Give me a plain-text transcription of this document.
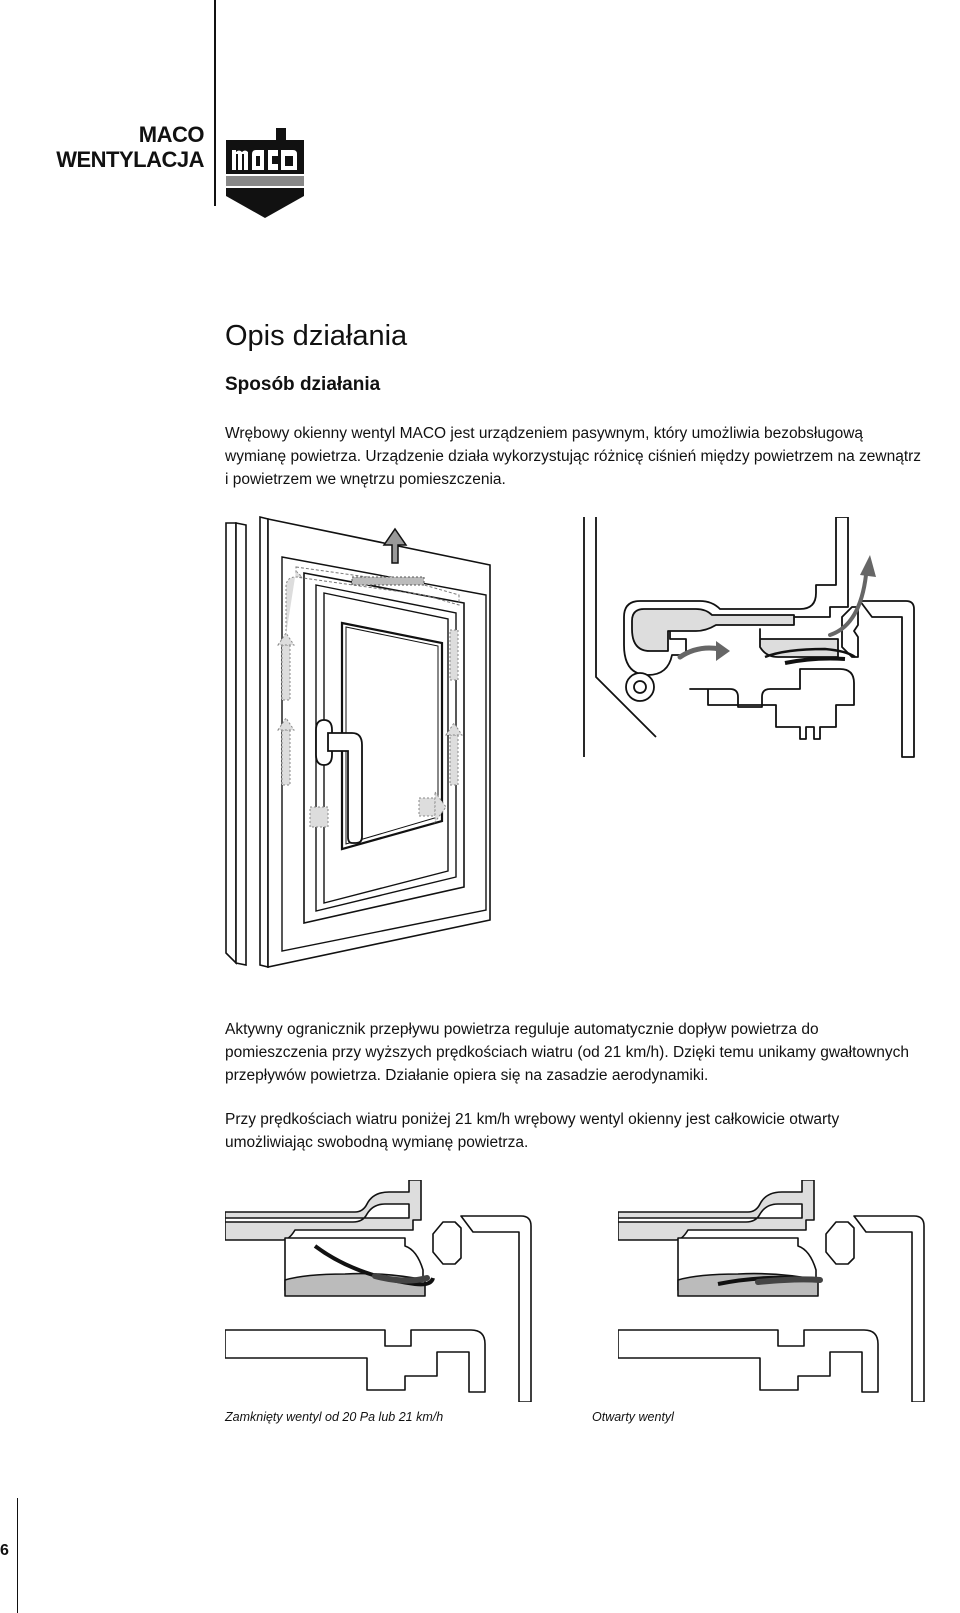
MACO
WENTYLACJA
Opis działania
Sposób działania

Wrębowy okienny wentyl MACO jest urządzeniem pasywnym, który umożliwia bezobsługową wymianę powietrza. Urządzenie działa wykorzystując różnicę ciśnień między powietrzem na zewnątrz i powietrzem we wnętrzu pomieszczenia.

Aktywny ogranicznik przepływu powietrza reguluje automatycznie dopływ powietrza do pomieszczenia przy wyższych prędkościach wiatru (od 21 km/h). Dzięki temu unikamy gwałtownych przepływów powietrza. Działanie opiera się na zasadzie aerodynamiki.

Przy prędkościach wiatru poniżej 21 km/h wrębowy wentyl okienny jest całkowicie otwarty umożliwiając swobodną wymianę powietrza.

Zamknięty wentyl od 20 Pa lub 21 km/h	Otwarty wentyl

6
